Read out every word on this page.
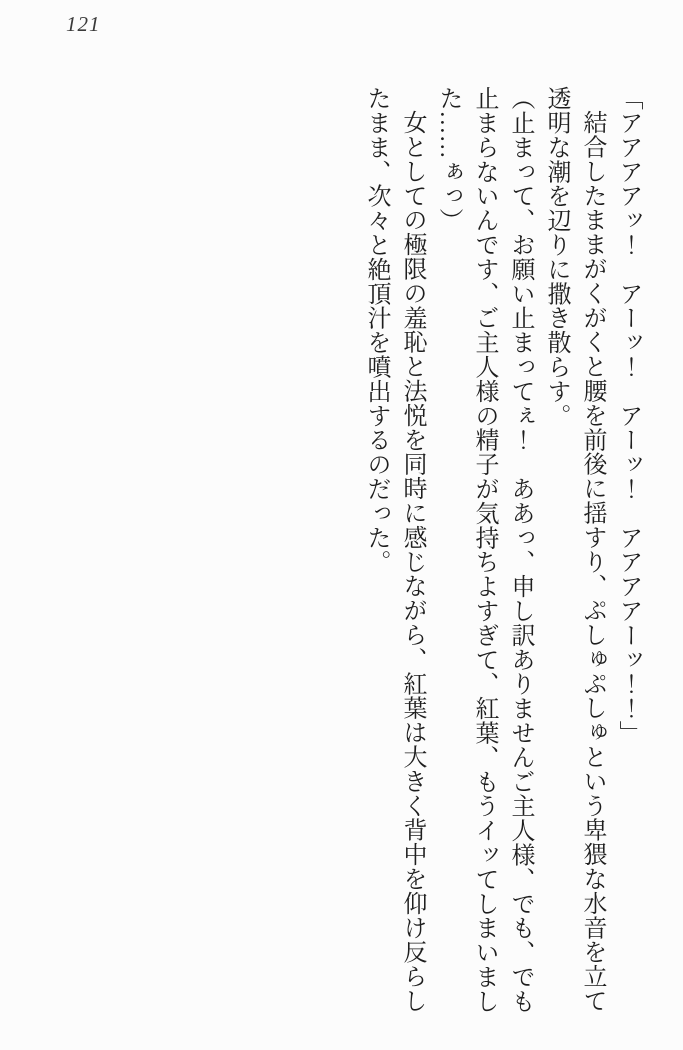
121

「アアアアッ！　アーッ！　アーッ！　アアアアーッ！！」

結合したままがくがくと腰を前後に揺すり、ぷしゅぷしゅという卑猥な水音を立て透明な潮を辺りに撒き散らす。

（止まって、お願い止まってぇ！　ああっ、申し訳ありませんご主人様、でも、でも止まらないんです、ご主人様の精子が気持ちよすぎて、紅葉、もうイッてしまいました……ぁっ）

女としての極限の羞恥と法悦を同時に感じながら、紅葉は大きく背中を仰け反らしたまま、次々と絶頂汁を噴出するのだった。
